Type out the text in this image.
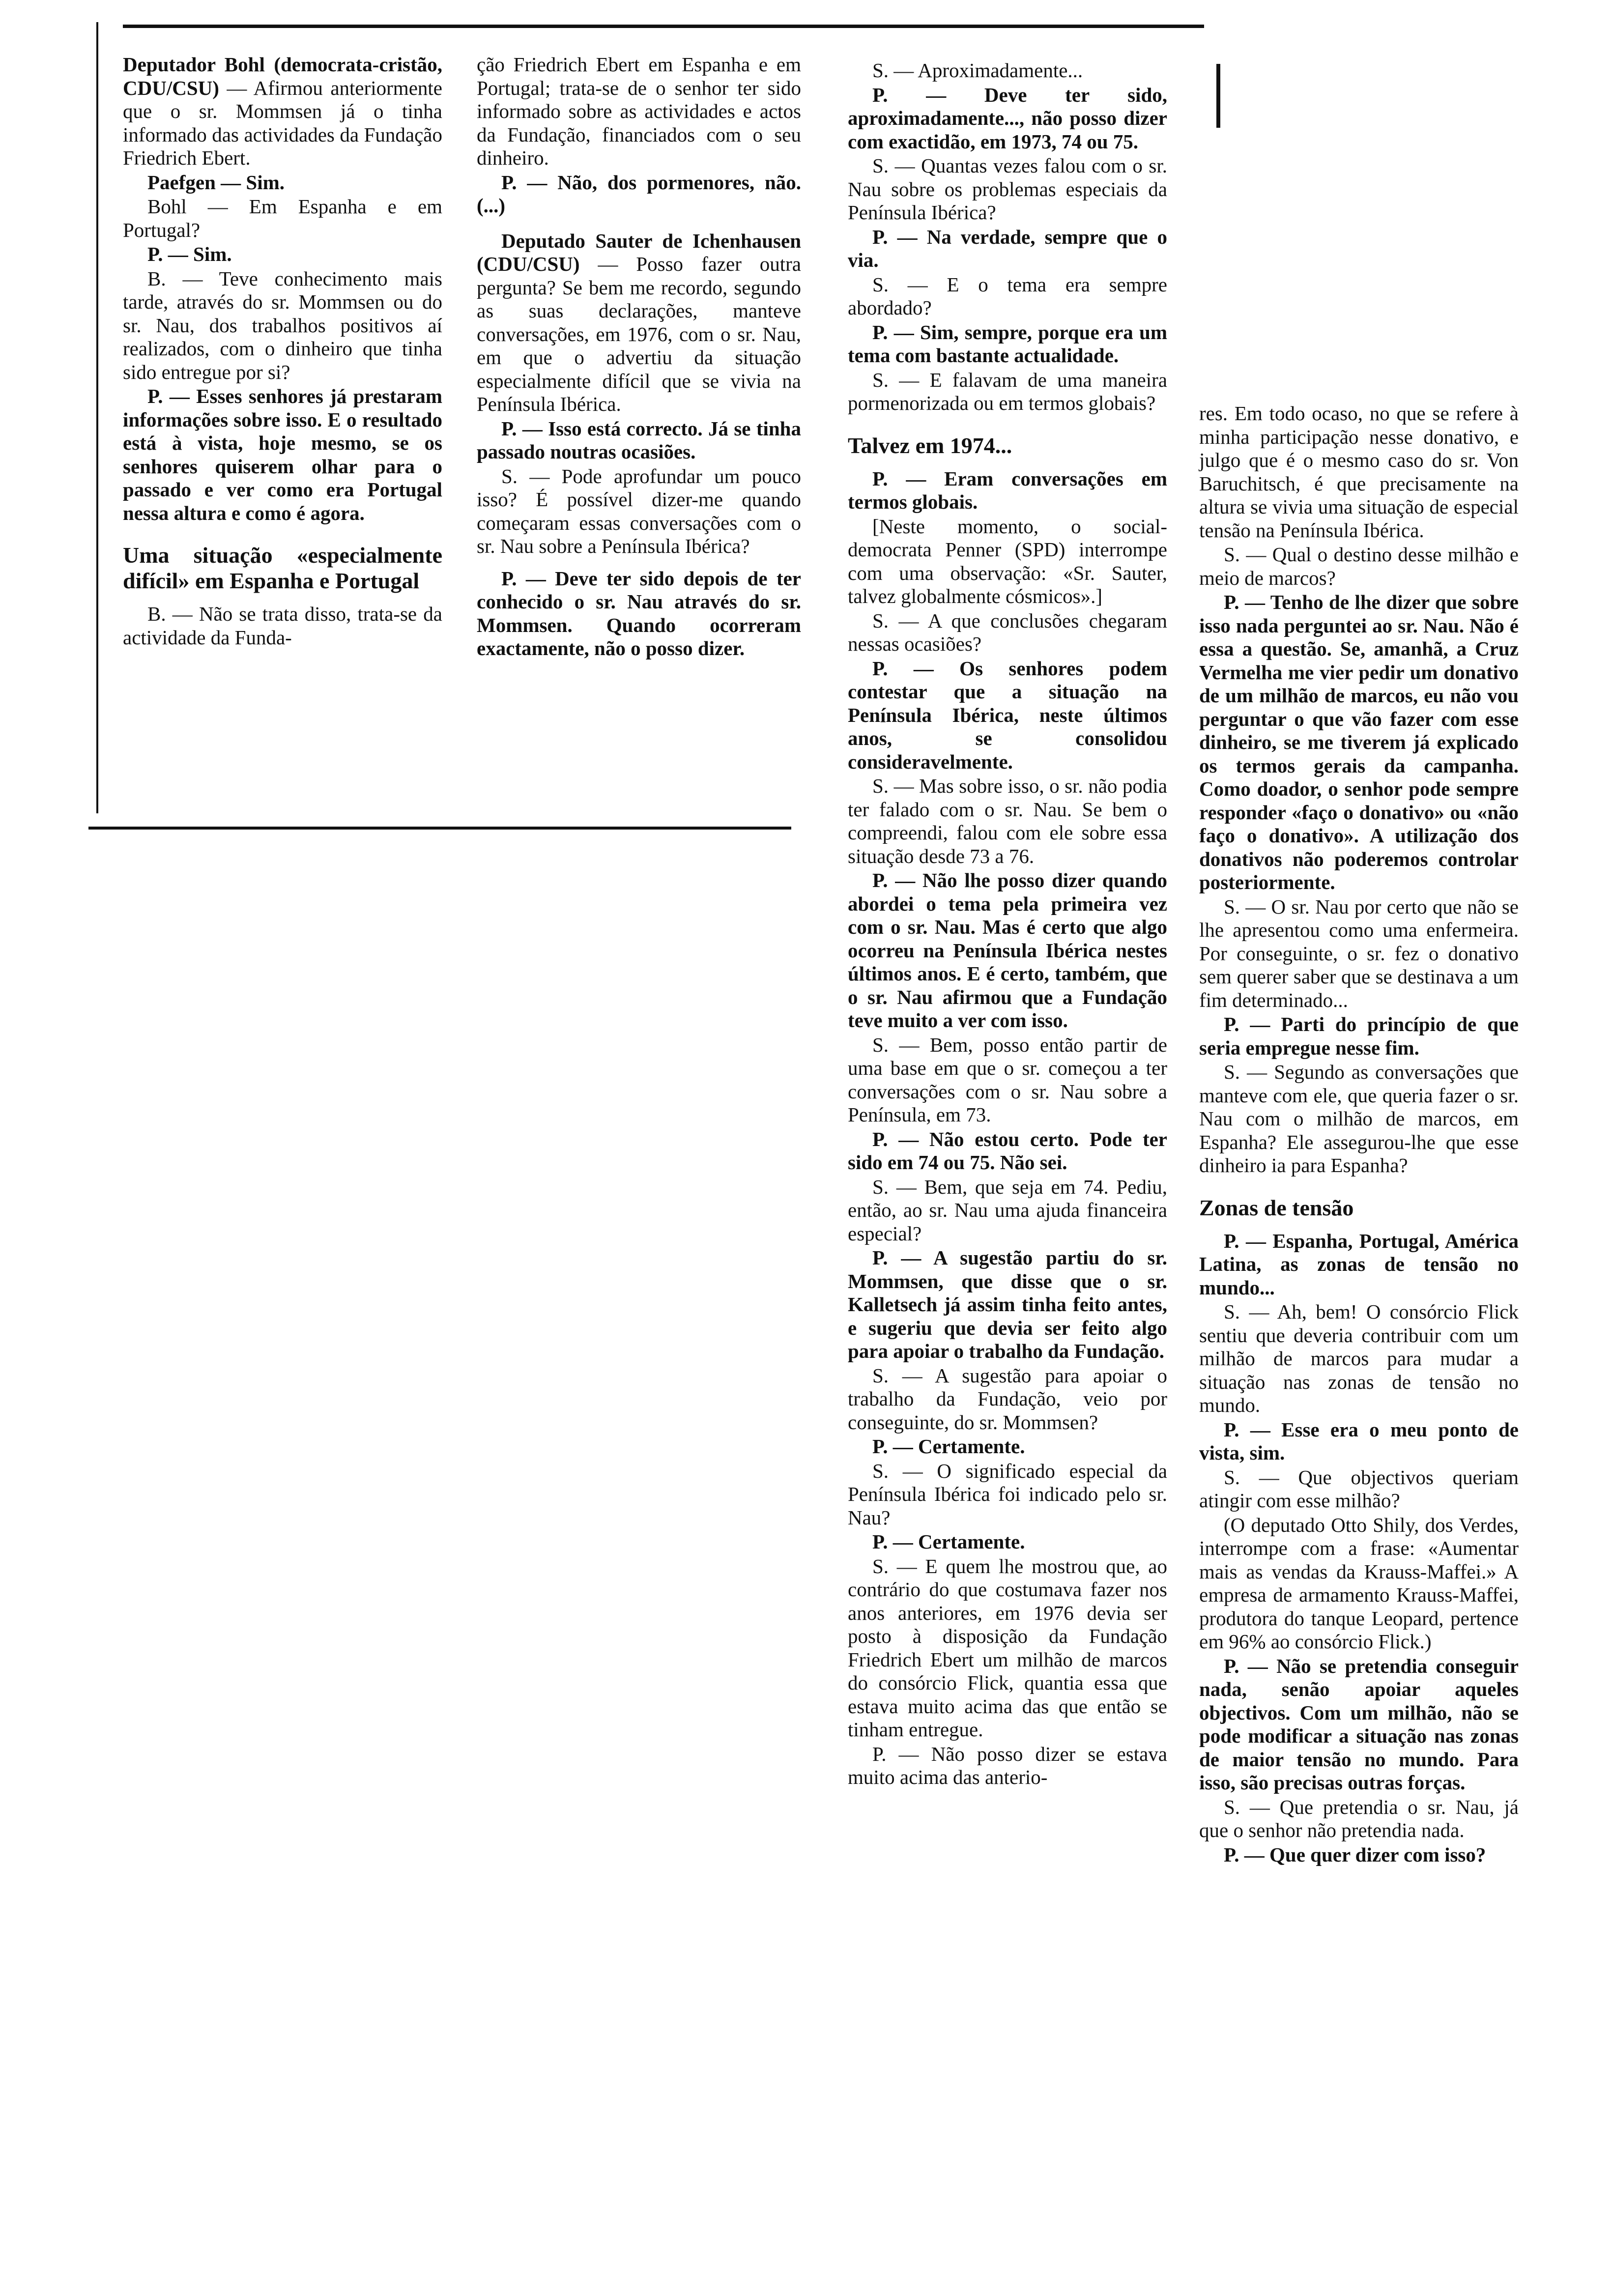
Deputador Bohl (democrata-cristão, CDU/CSU) — Afirmou anteriormente que o sr. Mommsen já o tinha informado das actividades da Fundação Friedrich Ebert.

Paefgen — Sim.

Bohl — Em Espanha e em Portugal?

P. — Sim.

B. — Teve conhecimento mais tarde, através do sr. Mommsen ou do sr. Nau, dos trabalhos positivos aí realizados, com o dinheiro que tinha sido entregue por si?

P. — Esses senhores já prestaram informações sobre isso. E o resultado está à vista, hoje mesmo, se os senhores quiserem olhar para o passado e ver como era Portugal nessa altura e como é agora.

Uma situação «especialmente difícil» em Espanha e Portugal

B. — Não se trata disso, trata-se da actividade da Funda-

ção Friedrich Ebert em Espanha e em Portugal; trata-se de o senhor ter sido informado sobre as actividades e actos da Fundação, financiados com o seu dinheiro.

P. — Não, dos pormenores, não. (...)

Deputado Sauter de Ichenhausen (CDU/CSU) — Posso fazer outra pergunta? Se bem me recordo, segundo as suas declarações, manteve conversações, em 1976, com o sr. Nau, em que o advertiu da situação especialmente difícil que se vivia na Península Ibérica.

P. — Isso está correcto. Já se tinha passado noutras ocasiões.

S. — Pode aprofundar um pouco isso? É possível dizer-me quando começaram essas conversações com o sr. Nau sobre a Península Ibérica?

P. — Deve ter sido depois de ter conhecido o sr. Nau através do sr. Mommsen. Quando ocorreram exactamente, não o posso dizer.

S. — Aproximadamente...

P. — Deve ter sido, aproximadamente..., não posso dizer com exactidão, em 1973, 74 ou 75.

S. — Quantas vezes falou com o sr. Nau sobre os problemas especiais da Península Ibérica?

P. — Na verdade, sempre que o via.

S. — E o tema era sempre abordado?

P. — Sim, sempre, porque era um tema com bastante actualidade.

S. — E falavam de uma maneira pormenorizada ou em termos globais?

Talvez em 1974...

P. — Eram conversações em termos globais.

[Neste momento, o social-democrata Penner (SPD) interrompe com uma observação: «Sr. Sauter, talvez globalmente cósmicos».]

S. — A que conclusões chegaram nessas ocasiões?

P. — Os senhores podem contestar que a situação na Península Ibérica, neste últimos anos, se consolidou consideravelmente.

S. — Mas sobre isso, o sr. não podia ter falado com o sr. Nau. Se bem o compreendi, falou com ele sobre essa situação desde 73 a 76.

P. — Não lhe posso dizer quando abordei o tema pela primeira vez com o sr. Nau. Mas é certo que algo ocorreu na Península Ibérica nestes últimos anos. E é certo, também, que o sr. Nau afirmou que a Fundação teve muito a ver com isso.

S. — Bem, posso então partir de uma base em que o sr. começou a ter conversações com o sr. Nau sobre a Península, em 73.

P. — Não estou certo. Pode ter sido em 74 ou 75. Não sei.

S. — Bem, que seja em 74. Pediu, então, ao sr. Nau uma ajuda financeira especial?

P. — A sugestão partiu do sr. Mommsen, que disse que o sr. Kalletsech já assim tinha feito antes, e sugeriu que devia ser feito algo para apoiar o trabalho da Fundação.

S. — A sugestão para apoiar o trabalho da Fundação, veio por conseguinte, do sr. Mommsen?

P. — Certamente.

S. — O significado especial da Península Ibérica foi indicado pelo sr. Nau?

P. — Certamente.

S. — E quem lhe mostrou que, ao contrário do que costumava fazer nos anos anteriores, em 1976 devia ser posto à disposição da Fundação Friedrich Ebert um milhão de marcos do consórcio Flick, quantia essa que estava muito acima das que então se tinham entregue.

P. — Não posso dizer se estava muito acima das anterio-

res. Em todo ocaso, no que se refere à minha participação nesse donativo, e julgo que é o mesmo caso do sr. Von Baruchitsch, é que precisamente na altura se vivia uma situação de especial tensão na Península Ibérica.

S. — Qual o destino desse milhão e meio de marcos?

P. — Tenho de lhe dizer que sobre isso nada perguntei ao sr. Nau. Não é essa a questão. Se, amanhã, a Cruz Vermelha me vier pedir um donativo de um milhão de marcos, eu não vou perguntar o que vão fazer com esse dinheiro, se me tiverem já explicado os termos gerais da campanha. Como doador, o senhor pode sempre responder «faço o donativo» ou «não faço o donativo». A utilização dos donativos não poderemos controlar posteriormente.

S. — O sr. Nau por certo que não se lhe apresentou como uma enfermeira. Por conseguinte, o sr. fez o donativo sem querer saber que se destinava a um fim determinado...

P. — Parti do princípio de que seria empregue nesse fim.

S. — Segundo as conversações que manteve com ele, que queria fazer o sr. Nau com o milhão de marcos, em Espanha? Ele assegurou-lhe que esse dinheiro ia para Espanha?

Zonas de tensão

P. — Espanha, Portugal, América Latina, as zonas de tensão no mundo...

S. — Ah, bem! O consórcio Flick sentiu que deveria contribuir com um milhão de marcos para mudar a situação nas zonas de tensão no mundo.

P. — Esse era o meu ponto de vista, sim.

S. — Que objectivos queriam atingir com esse milhão?

(O deputado Otto Shily, dos Verdes, interrompe com a frase: «Aumentar mais as vendas da Krauss-Maffei.» A empresa de armamento Krauss-Maffei, produtora do tanque Leopard, pertence em 96% ao consórcio Flick.)

P. — Não se pretendia conseguir nada, senão apoiar aqueles objectivos. Com um milhão, não se pode modificar a situação nas zonas de maior tensão no mundo. Para isso, são precisas outras forças.

S. — Que pretendia o sr. Nau, já que o senhor não pretendia nada.

P. — Que quer dizer com isso?
